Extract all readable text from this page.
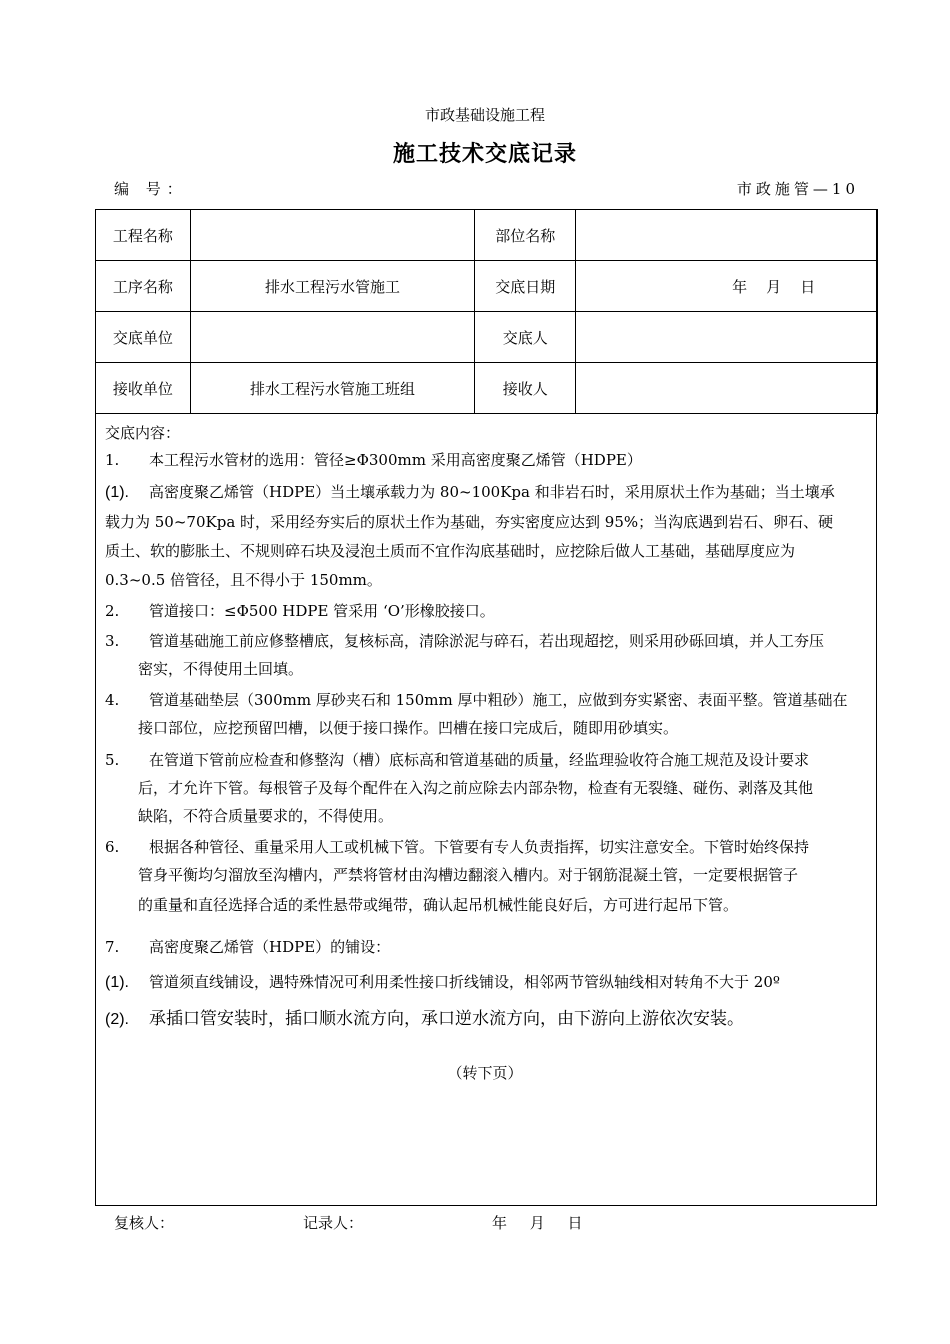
市政基础设施工程
施工技术交底记录
编 号：	市政施管—10
工程名称		部位名称	
工序名称	排水工程污水管施工	交底日期	年    月    日
交底单位		交底人	
接收单位	排水工程污水管施工班组	接收人	
交底内容：
1. 本工程污水管材的选用：管径≥Φ300mm 采用高密度聚乙烯管（HDPE）
(1). 高密度聚乙烯管（HDPE）当土壤承载力为 80~100Kpa 和非岩石时，采用原状土作为基础；当土壤承
载力为 50~70Kpa 时，采用经夯实后的原状土作为基础，夯实密度应达到 95%；当沟底遇到岩石、卵石、硬
质土、软的膨胀土、不规则碎石块及浸泡土质而不宜作沟底基础时，应挖除后做人工基础，基础厚度应为
0.3~0.5 倍管径，且不得小于 150mm。
2. 管道接口：≤Φ500 HDPE 管采用 ‘O’形橡胶接口。
3. 管道基础施工前应修整槽底，复核标高，清除淤泥与碎石，若出现超挖，则采用砂砾回填，并人工夯压
密实，不得使用土回填。
4. 管道基础垫层（300mm 厚砂夹石和 150mm 厚中粗砂）施工，应做到夯实紧密、表面平整。管道基础在
接口部位，应挖预留凹槽，以便于接口操作。凹槽在接口完成后，随即用砂填实。
5. 在管道下管前应检查和修整沟（槽）底标高和管道基础的质量，经监理验收符合施工规范及设计要求
后，才允许下管。每根管子及每个配件在入沟之前应除去内部杂物，检查有无裂缝、碰伤、剥落及其他
缺陷，不符合质量要求的，不得使用。
6. 根据各种管径、重量采用人工或机械下管。下管要有专人负责指挥，切实注意安全。下管时始终保持
管身平衡均匀溜放至沟槽内，严禁将管材由沟槽边翻滚入槽内。对于钢筋混凝土管，一定要根据管子
的重量和直径选择合适的柔性悬带或绳带，确认起吊机械性能良好后，方可进行起吊下管。
7. 高密度聚乙烯管（HDPE）的铺设：
(1). 管道须直线铺设，遇特殊情况可利用柔性接口折线铺设，相邻两节管纵轴线相对转角不大于 20º
(2). 承插口管安装时，插口顺水流方向，承口逆水流方向，由下游向上游依次安装。
（转下页）
复核人：	记录人：	年 月 日
